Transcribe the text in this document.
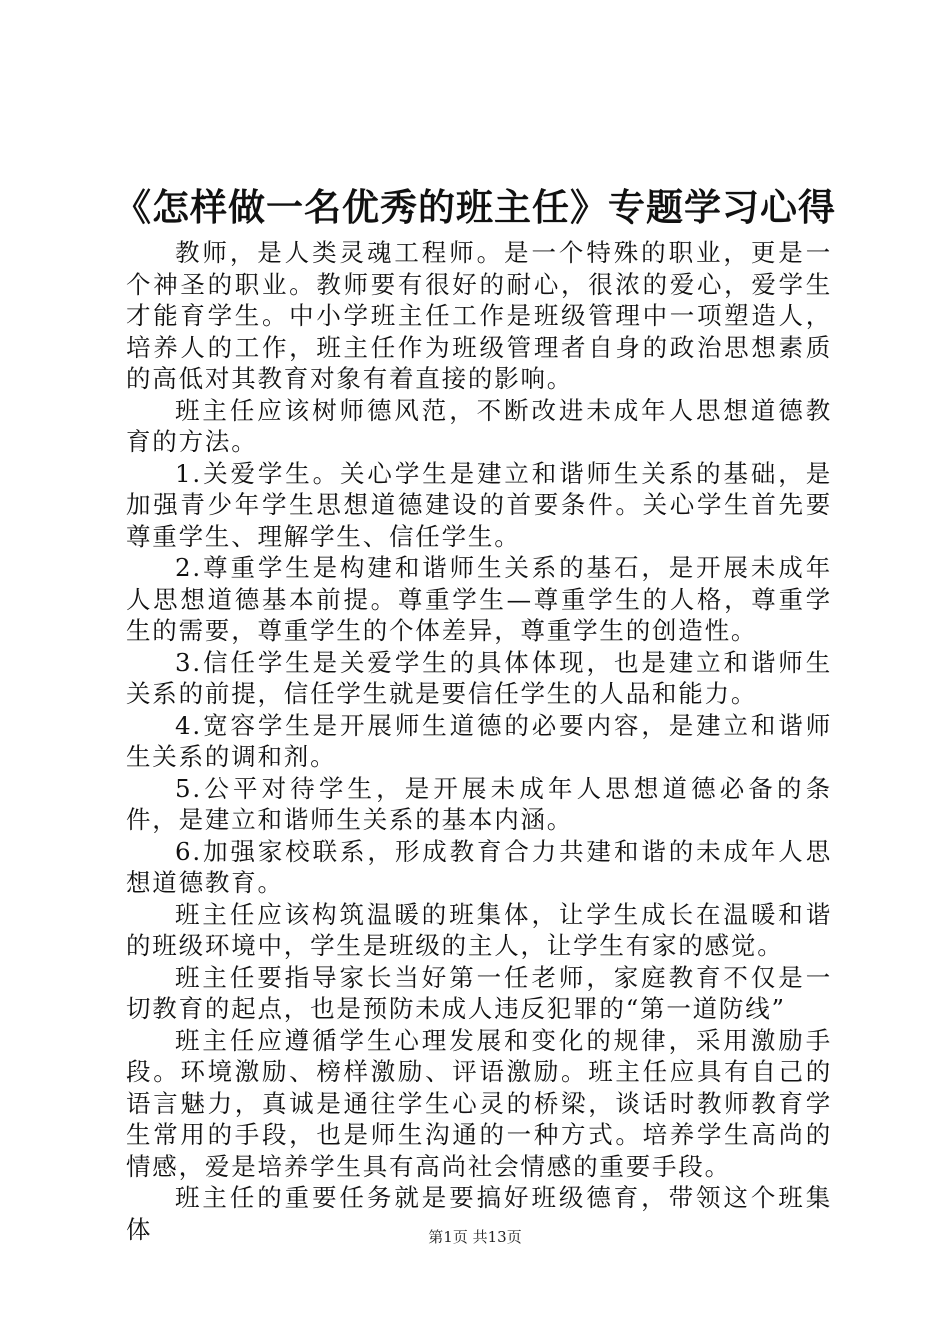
《怎样做一名优秀的班主任》专题学习心得

教师，是人类灵魂工程师。是一个特殊的职业，更是一个神圣的职业。教师要有很好的耐心，很浓的爱心，爱学生才能育学生。中小学班主任工作是班级管理中一项塑造人，培养人的工作，班主任作为班级管理者自身的政治思想素质的高低对其教育对象有着直接的影响。

班主任应该树师德风范，不断改进未成年人思想道德教育的方法。

1.关爱学生。关心学生是建立和谐师生关系的基础，是加强青少年学生思想道德建设的首要条件。关心学生首先要尊重学生、理解学生、信任学生。

2.尊重学生是构建和谐师生关系的基石，是开展未成年人思想道德基本前提。尊重学生—尊重学生的人格，尊重学生的需要，尊重学生的个体差异，尊重学生的创造性。

3.信任学生是关爱学生的具体体现，也是建立和谐师生关系的前提，信任学生就是要信任学生的人品和能力。

4.宽容学生是开展师生道德的必要内容，是建立和谐师生关系的调和剂。

5.公平对待学生，是开展未成年人思想道德必备的条件，是建立和谐师生关系的基本内涵。

6.加强家校联系，形成教育合力共建和谐的未成年人思想道德教育。

班主任应该构筑温暖的班集体，让学生成长在温暖和谐的班级环境中，学生是班级的主人，让学生有家的感觉。

班主任要指导家长当好第一任老师，家庭教育不仅是一切教育的起点，也是预防未成人违反犯罪的“第一道防线”

班主任应遵循学生心理发展和变化的规律，采用激励手段。环境激励、榜样激励、评语激励。班主任应具有自己的语言魅力，真诚是通往学生心灵的桥梁，谈话时教师教育学生常用的手段，也是师生沟通的一种方式。培养学生高尚的情感，爱是培养学生具有高尚社会情感的重要手段。

班主任的重要任务就是要搞好班级德育，带领这个班集体	第1页 共13页
